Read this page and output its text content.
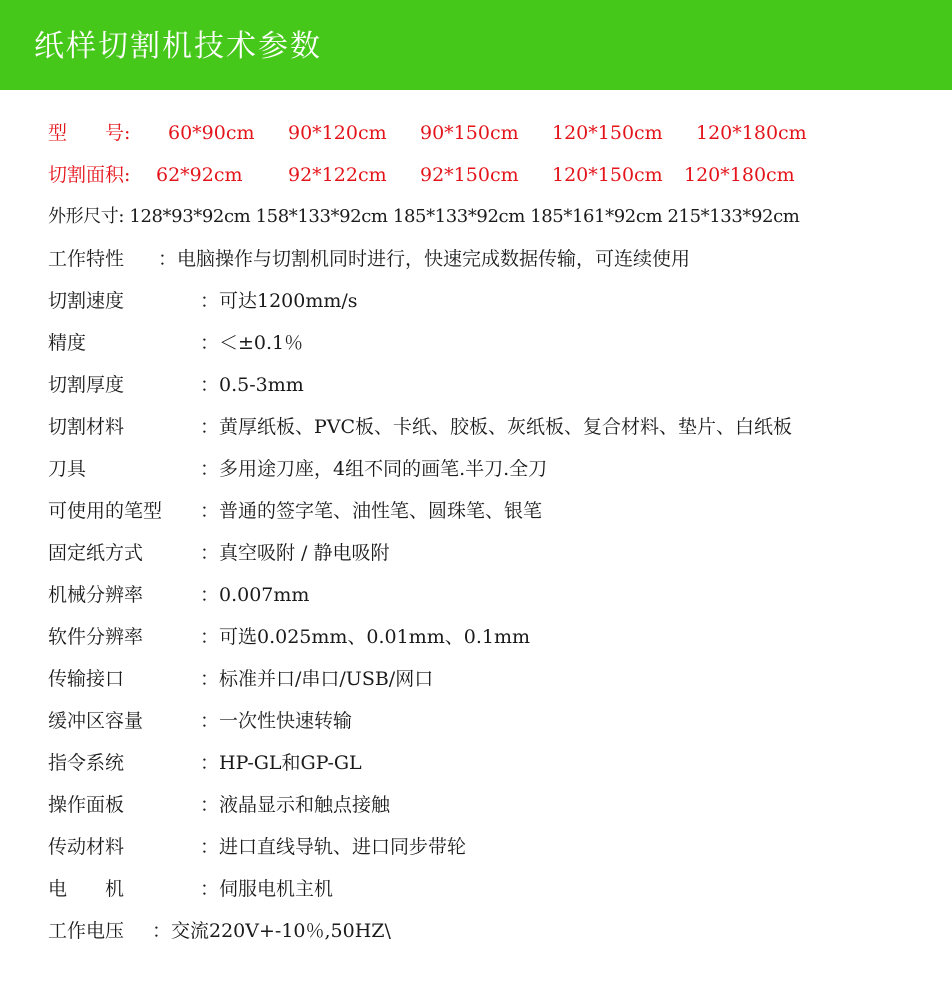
纸样切割机技术参数
型　　号: 60*90cm 90*120cm 90*150cm 120*150cm 120*180cm
切割面积: 62*92cm 92*122cm 92*150cm 120*150cm 120*180cm
外形尺寸: 128*93*92cm 158*133*92cm 185*133*92cm 185*161*92cm 215*133*92cm
工作特性 ：电脑操作与切割机同时进行，快速完成数据传输，可连续使用
切割速度	：可达1200mm/s
精度	：＜±0.1％
切割厚度	：0.5-3mm
切割材料	：黄厚纸板、PVC板、卡纸、胶板、灰纸板、复合材料、垫片、白纸板
刀具	：多用途刀座，4组不同的画笔.半刀.全刀
可使用的笔型 ：普通的签字笔、油性笔、圆珠笔、银笔
固定纸方式	：真空吸附 / 静电吸附
机械分辨率	：0.007mm
软件分辨率	：可选0.025mm、0.01mm、0.1mm
传输接口	：标准并口/串口/USB/网口
缓冲区容量	：一次性快速转输
指令系统	：HP-GL和GP-GL
操作面板	：液晶显示和触点接触
传动材料	：进口直线导轨、进口同步带轮
电　　机	：伺服电机主机
工作电压 ：交流220V+-10％,50HZ\
